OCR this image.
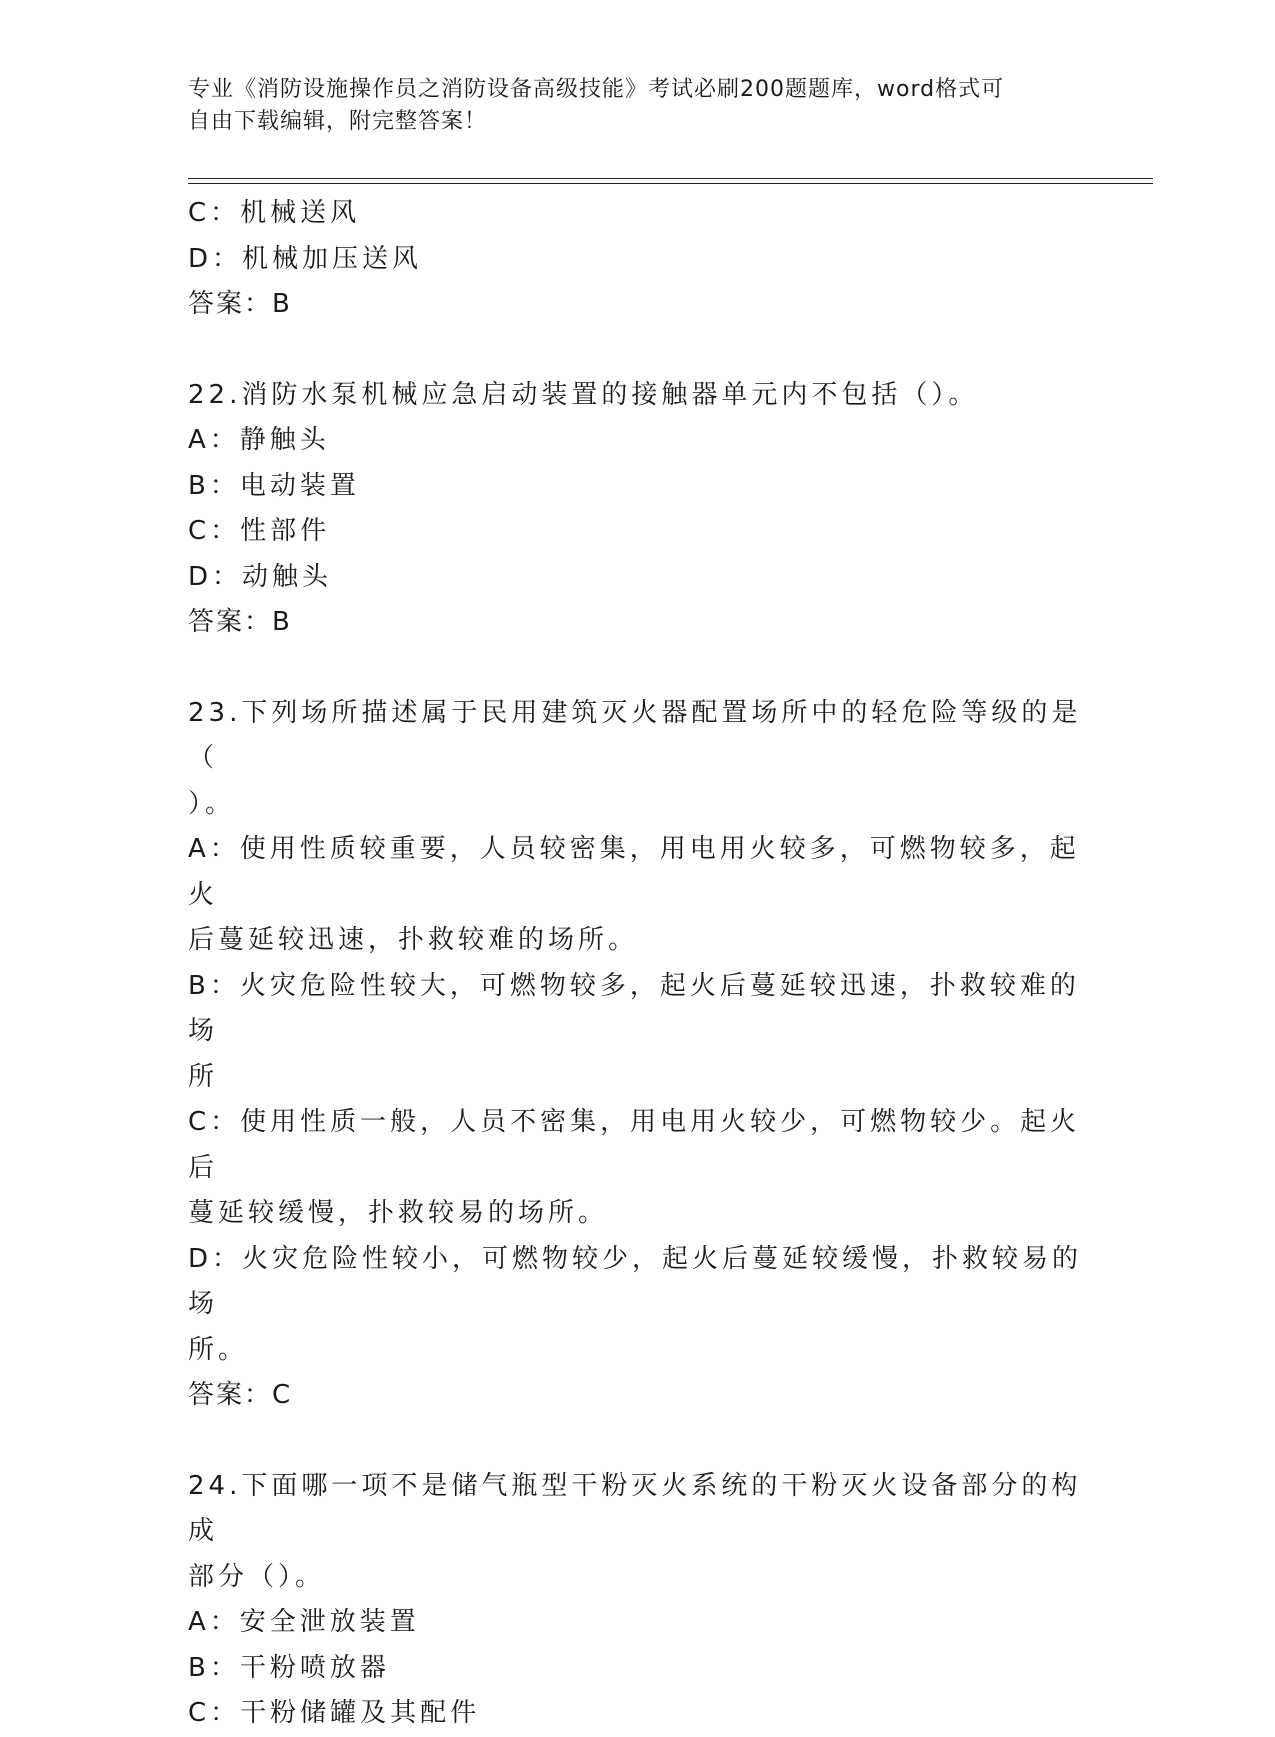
专业《消防设施操作员之消防设备高级技能》考试必刷200题题库，word格式可
自由下载编辑，附完整答案！
C：机械送风
D：机械加压送风
答案：B
22.消防水泵机械应急启动装置的接触器单元内不包括（）。
A：静触头
B：电动装置
C：性部件
D：动触头
答案：B
23.下列场所描述属于民用建筑灭火器配置场所中的轻危险等级的是（
）。
A：使用性质较重要，人员较密集，用电用火较多，可燃物较多，起火
后蔓延较迅速，扑救较难的场所。
B：火灾危险性较大，可燃物较多，起火后蔓延较迅速，扑救较难的场
所
C：使用性质一般，人员不密集，用电用火较少，可燃物较少。起火后
蔓延较缓慢，扑救较易的场所。
D：火灾危险性较小，可燃物较少，起火后蔓延较缓慢，扑救较易的场
所。
答案：C
24.下面哪一项不是储气瓶型干粉灭火系统的干粉灭火设备部分的构成
部分（）。
A：安全泄放装置
B：干粉喷放器
C：干粉储罐及其配件
